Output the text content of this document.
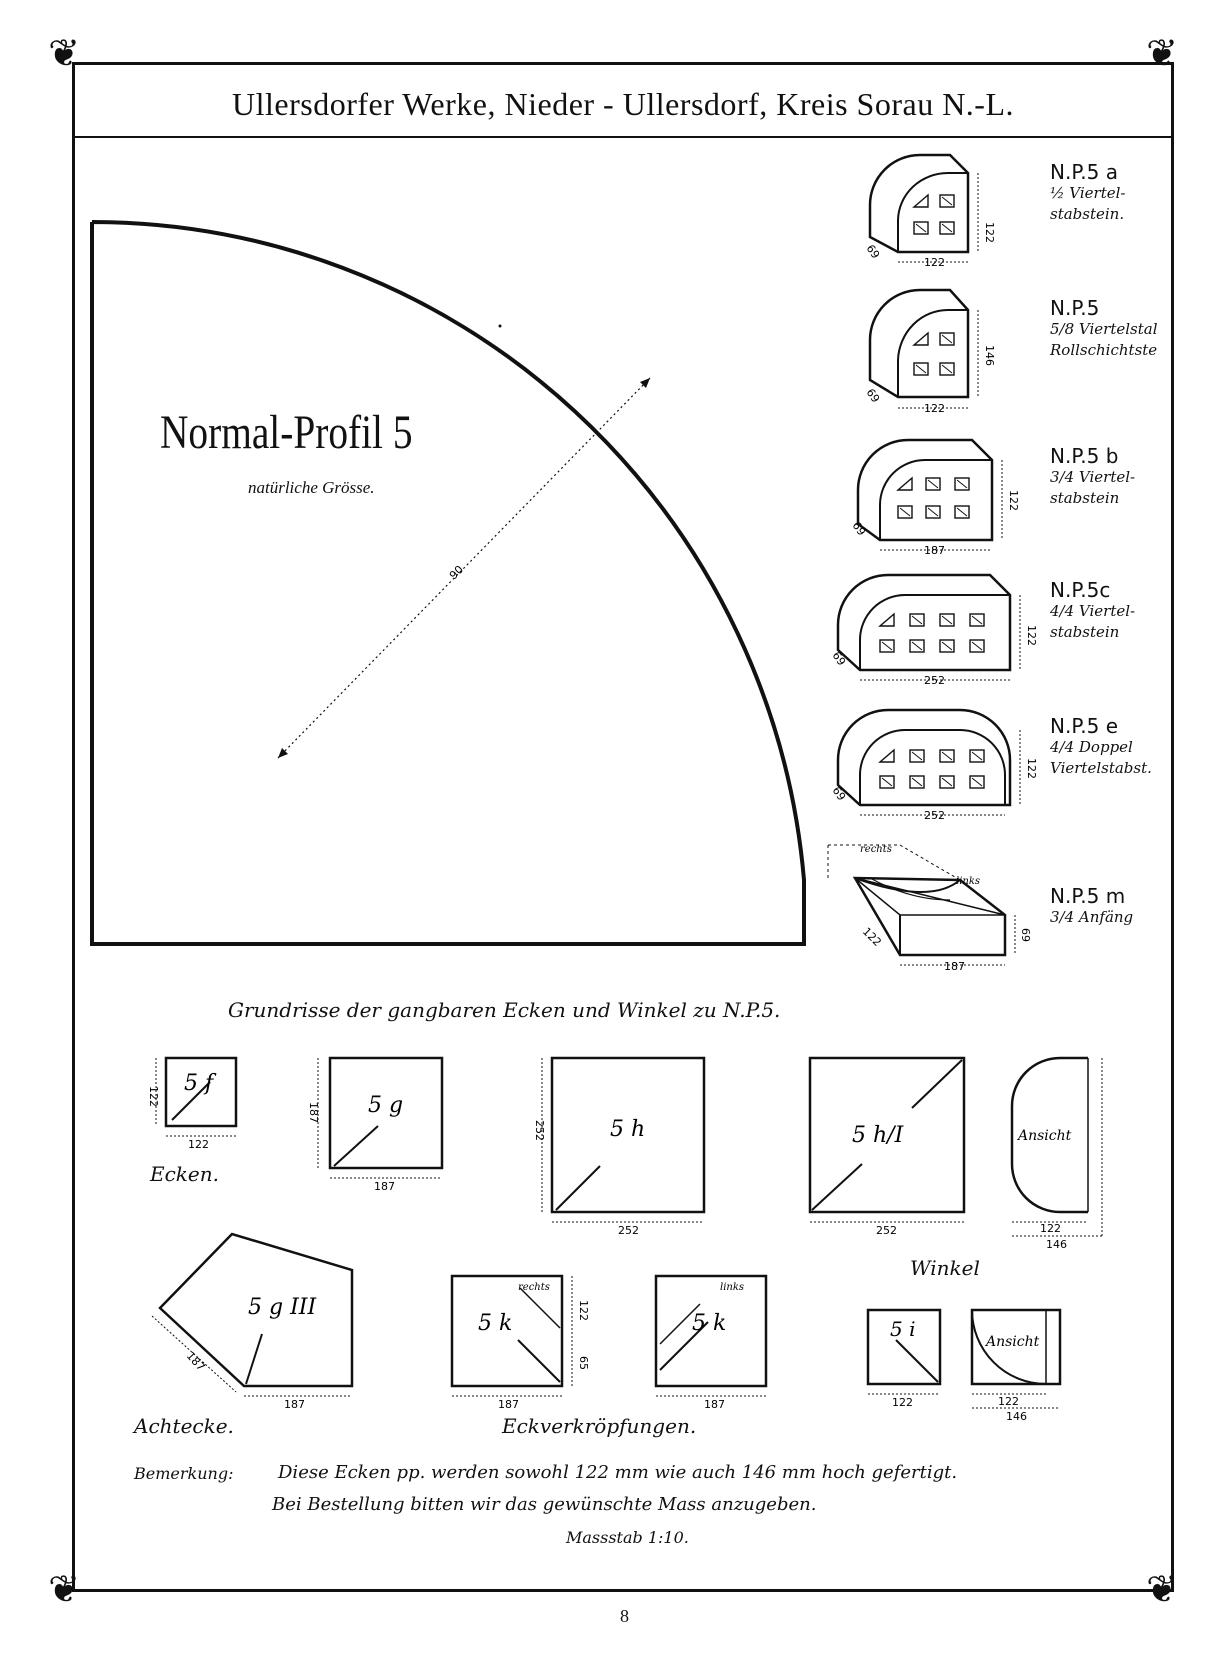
❦	❦
❦	❦
Ullersdorfer Werke, Nieder - Ullersdorf, Kreis Sorau N.-L.
90
122
122
69
122
146
69
187
122
69
252
122
69
252
122
69
187
69
122
rechts
links
5 f
122
122	5 g
187
187
5 h
252
252	5 h/I
252
Ansicht
122
146
5 g III
187
187
5 k
rechts
187
122
65
5 k
links
187
5 i
122
Ansicht
122
146
Normal-Profil 5
natürliche Grösse.
N.P.5 a
½ Viertel-
stabstein.
N.P.5
5/8 Viertelstal
Rollschichtste
N.P.5 b
3/4 Viertel-
stabstein
N.P.5c
4/4 Viertel-
stabstein
N.P.5 e
4/4 Doppel
Viertelstabst.
N.P.5 m
3/4 Anfäng
Grundrisse der gangbaren Ecken und Winkel zu N.P.5.
Ecken.
Achtecke.	Eckverkröpfungen.
Winkel
Bemerkung: Diese Ecken pp. werden sowohl 122 mm wie auch 146 mm hoch gefertigt.
Bei Bestellung bitten wir das gewünschte Mass anzugeben.
Massstab 1:10.
8
